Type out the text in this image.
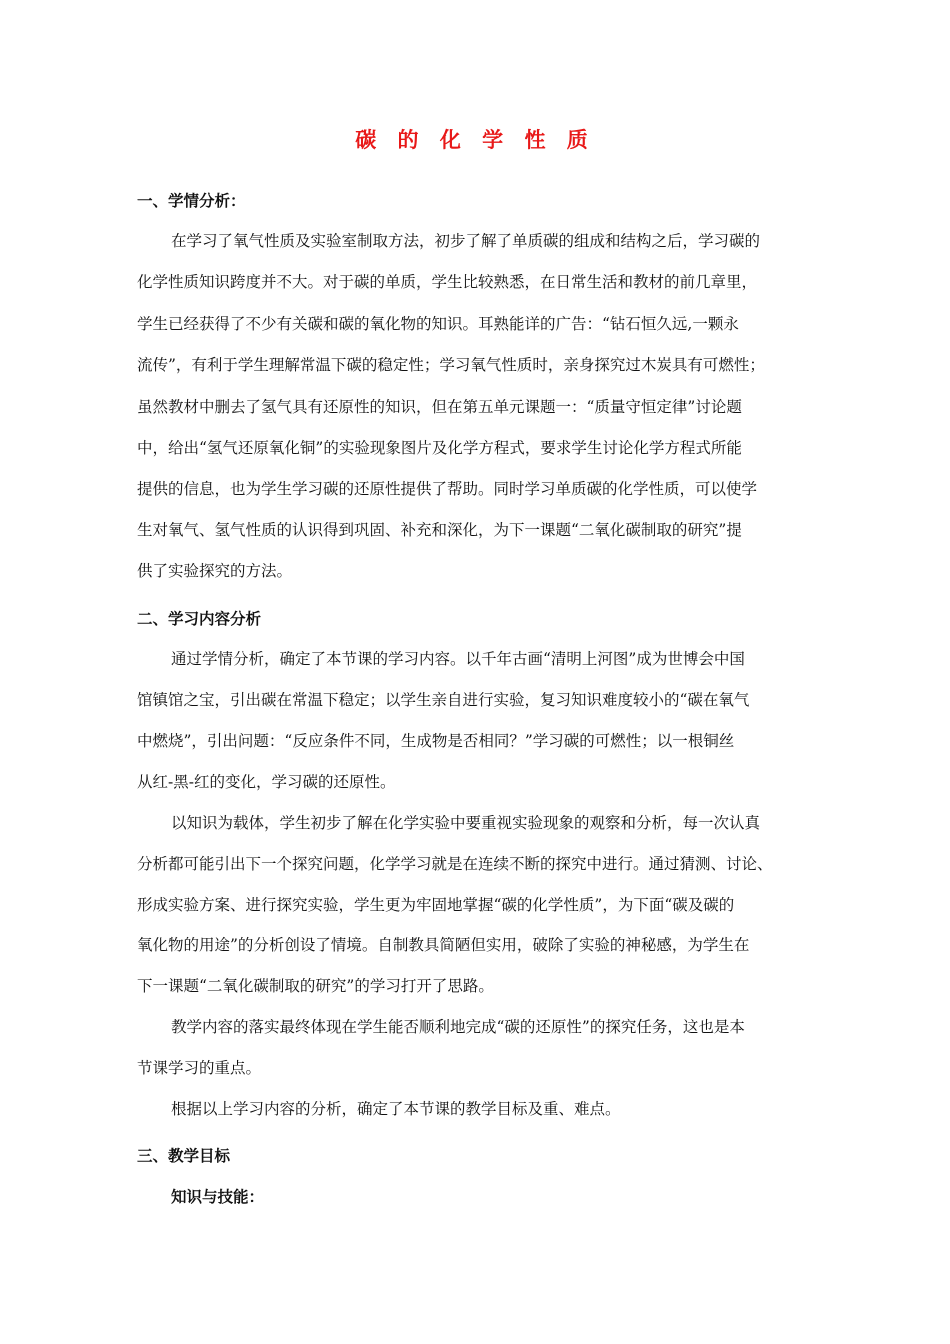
碳 的 化 学 性 质
一、学情分析：
在学习了氧气性质及实验室制取方法，初步了解了单质碳的组成和结构之后，学习碳的
化学性质知识跨度并不大。对于碳的单质，学生比较熟悉，在日常生活和教材的前几章里，
学生已经获得了不少有关碳和碳的氧化物的知识。耳熟能详的广告：“钻石恒久远,一颗永
流传”，有利于学生理解常温下碳的稳定性；学习氧气性质时，亲身探究过木炭具有可燃性；
虽然教材中删去了氢气具有还原性的知识，但在第五单元课题一：“质量守恒定律”讨论题
中，给出“氢气还原氧化铜”的实验现象图片及化学方程式，要求学生讨论化学方程式所能
提供的信息，也为学生学习碳的还原性提供了帮助。同时学习单质碳的化学性质，可以使学
生对氧气、氢气性质的认识得到巩固、补充和深化，为下一课题“二氧化碳制取的研究”提
供了实验探究的方法。
二、学习内容分析
通过学情分析，确定了本节课的学习内容。以千年古画“清明上河图”成为世博会中国
馆镇馆之宝，引出碳在常温下稳定；以学生亲自进行实验，复习知识难度较小的“碳在氧气
中燃烧”，引出问题：“反应条件不同，生成物是否相同？”学习碳的可燃性；以一根铜丝
从红-黑-红的变化，学习碳的还原性。
以知识为载体，学生初步了解在化学实验中要重视实验现象的观察和分析，每一次认真
分析都可能引出下一个探究问题，化学学习就是在连续不断的探究中进行。通过猜测、讨论、
形成实验方案、进行探究实验，学生更为牢固地掌握“碳的化学性质”，为下面“碳及碳的
氧化物的用途”的分析创设了情境。自制教具简陋但实用，破除了实验的神秘感，为学生在
下一课题“二氧化碳制取的研究”的学习打开了思路。
教学内容的落实最终体现在学生能否顺利地完成“碳的还原性”的探究任务，这也是本
节课学习的重点。
根据以上学习内容的分析，确定了本节课的教学目标及重、难点。
三、教学目标
知识与技能：
